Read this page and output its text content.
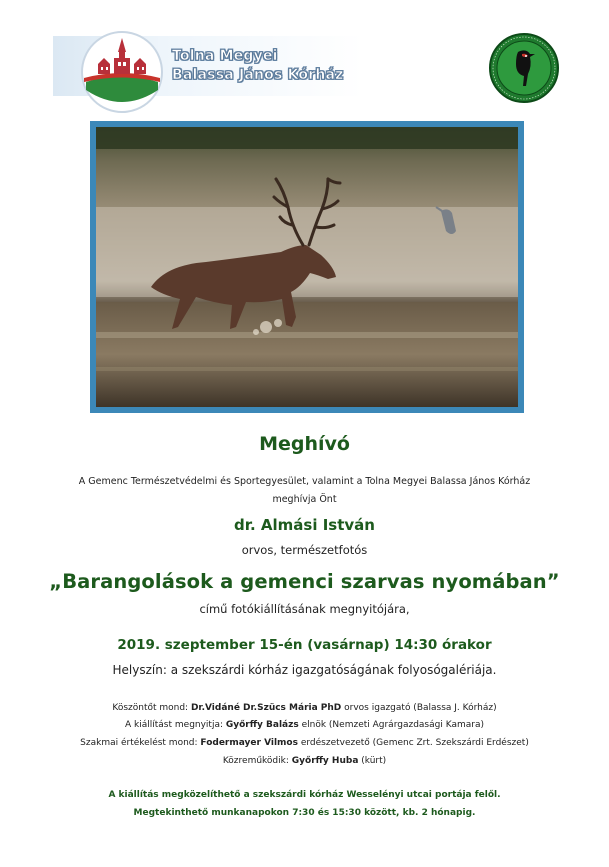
Tolna Megyei
Balassa János Kórház
Meghívó
A Gemenc Természetvédelmi és Sportegyesület, valamint a Tolna Megyei Balassa János Kórház
meghívja Önt
dr. Almási István
orvos, természetfotós
„Barangolások a gemenci szarvas nyomában”
című fotókiállításának megnyitójára,
2019. szeptember 15-én (vasárnap) 14:30 órakor
Helyszín: a szekszárdi kórház igazgatóságának folyosógalériája.
Köszöntőt mond: Dr.Vidáné Dr.Szücs Mária PhD orvos igazgató (Balassa J. Kórház)
A kiállítást megnyitja: Győrffy Balázs elnök (Nemzeti Agrárgazdasági Kamara)
Szakmai értékelést mond: Fodermayer Vilmos erdészetvezető (Gemenc Zrt. Szekszárdi Erdészet)
Közreműködik: Győrffy Huba (kürt)
A kiállítás megközelíthető a szekszárdi kórház Wesselényi utcai portája felől.
Megtekinthető munkanapokon 7:30 és 15:30 között, kb. 2 hónapig.
